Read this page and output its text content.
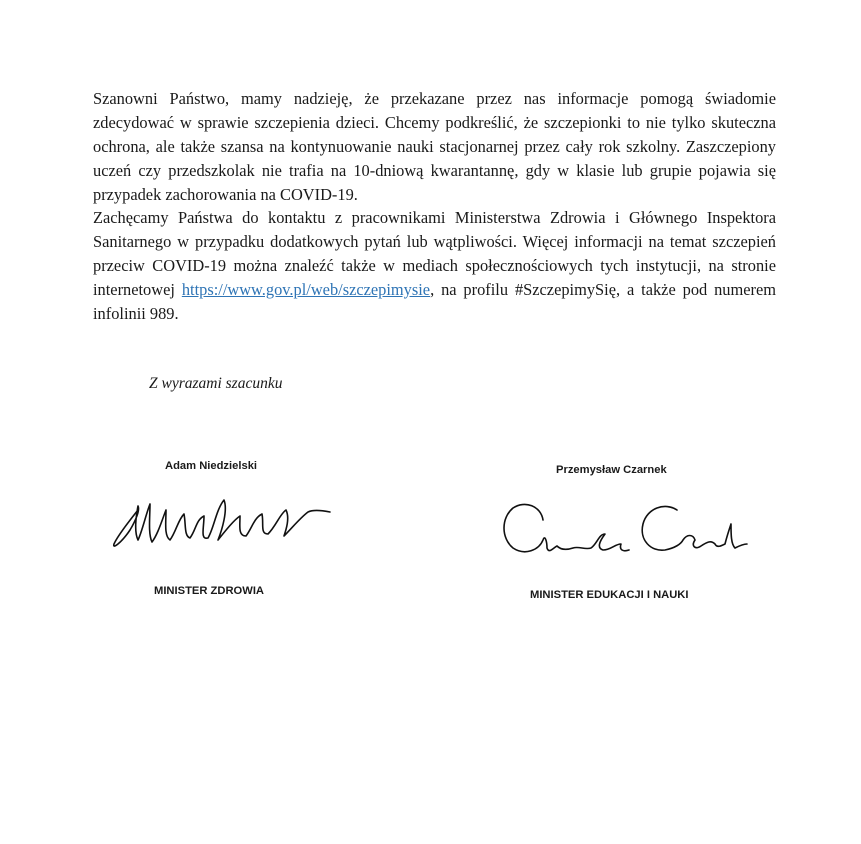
Szanowni Państwo, mamy nadzieję, że przekazane przez nas informacje pomogą świadomie zdecydować w sprawie szczepienia dzieci. Chcemy podkreślić, że szczepionki to nie tylko skuteczna ochrona, ale także szansa na kontynuowanie nauki stacjonarnej przez cały rok szkolny. Zaszczepiony uczeń czy przedszkolak nie trafia na 10-dniową kwarantannę, gdy w klasie lub grupie pojawia się przypadek zachorowania na COVID-19.

Zachęcamy Państwa do kontaktu z pracownikami Ministerstwa Zdrowia i Głównego Inspektora Sanitarnego w przypadku dodatkowych pytań lub wątpliwości. Więcej informacji na temat szczepień przeciw COVID-19 można znaleźć także w mediach społecznościowych tych instytucji, na stronie internetowej https://www.gov.pl/web/szczepimysie, na profilu #SzczepimySię, a także pod numerem infolinii 989.

Z wyrazami szacunku

Adam Niedzielski

MINISTER ZDROWIA

Przemysław Czarnek

MINISTER EDUKACJI I NAUKI
